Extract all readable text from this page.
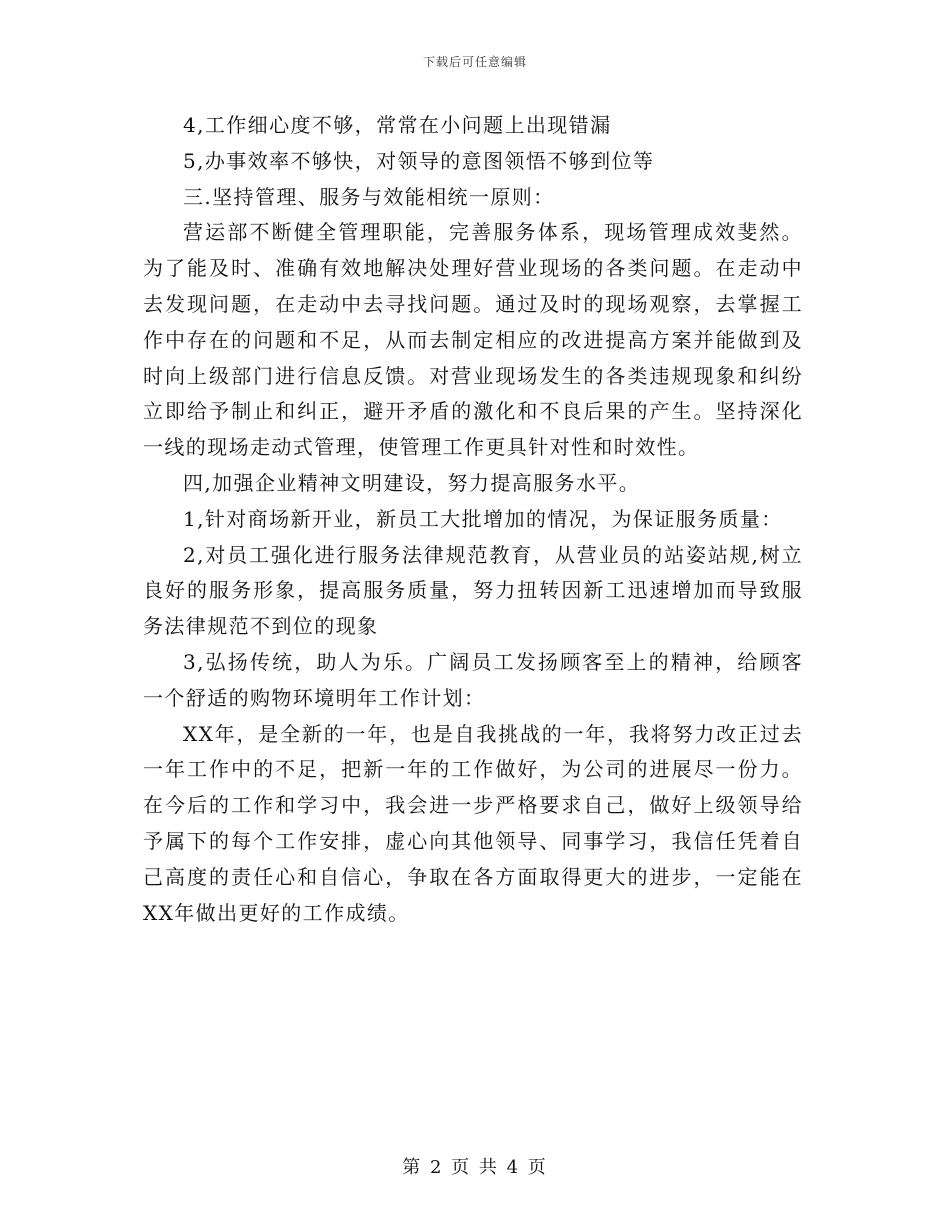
下载后可任意编辑

4,工作细心度不够，常常在小问题上出现错漏

5,办事效率不够快，对领导的意图领悟不够到位等

三.坚持管理、服务与效能相统一原则：

营运部不断健全管理职能，完善服务体系，现场管理成效斐然。为了能及时、准确有效地解决处理好营业现场的各类问题。在走动中去发现问题，在走动中去寻找问题。通过及时的现场观察，去掌握工作中存在的问题和不足，从而去制定相应的改进提高方案并能做到及时向上级部门进行信息反馈。对营业现场发生的各类违规现象和纠纷立即给予制止和纠正，避开矛盾的激化和不良后果的产生。坚持深化一线的现场走动式管理，使管理工作更具针对性和时效性。

四,加强企业精神文明建设，努力提高服务水平。

1,针对商场新开业，新员工大批增加的情况，为保证服务质量：

2,对员工强化进行服务法律规范教育，从营业员的站姿站规,树立良好的服务形象，提高服务质量，努力扭转因新工迅速增加而导致服务法律规范不到位的现象

3,弘扬传统，助人为乐。广阔员工发扬顾客至上的精神，给顾客一个舒适的购物环境明年工作计划：

XX年，是全新的一年，也是自我挑战的一年，我将努力改正过去一年工作中的不足，把新一年的工作做好，为公司的进展尽一份力。在今后的工作和学习中，我会进一步严格要求自己，做好上级领导给予属下的每个工作安排，虚心向其他领导、同事学习，我信任凭着自己高度的责任心和自信心，争取在各方面取得更大的进步，一定能在XX年做出更好的工作成绩。

第 2 页 共 4 页
